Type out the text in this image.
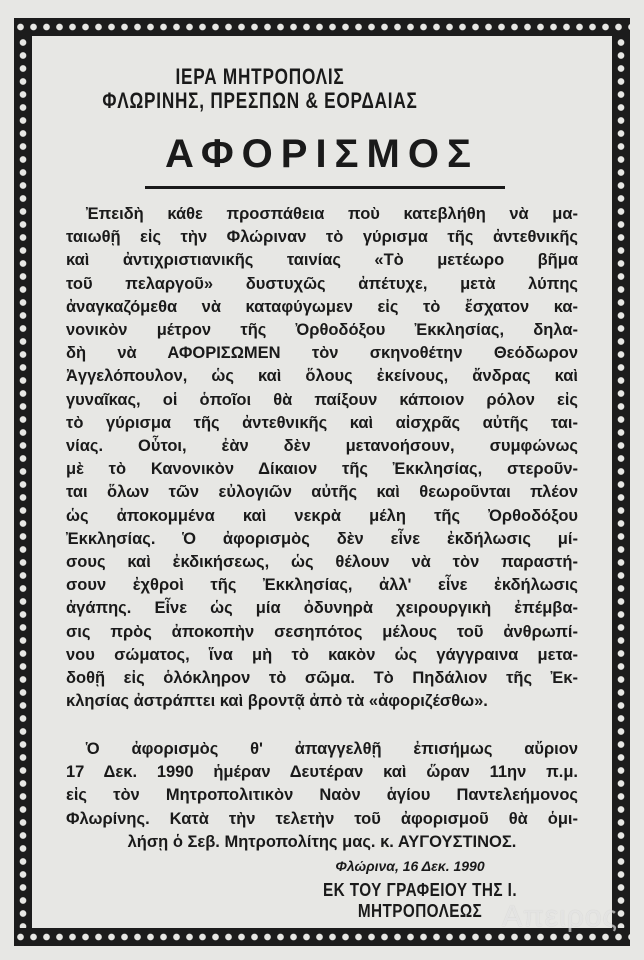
ΙΕΡΑ ΜΗΤΡΟΠΟΛΙΣ
ΦΛΩΡΙΝΗΣ, ΠΡΕΣΠΩΝ & ΕΟΡΔΑΙΑΣ
ΑΦΟΡΙΣΜΟΣ
Ἐπειδὴ κάθε προσπάθεια ποὺ κατεβλήθη νὰ μα-
ταιωθῇ εἰς τὴν Φλώριναν τὸ γύρισμα τῆς ἀντεθνικῆς
καὶ ἀντιχριστιανικῆς ταινίας «Τὸ μετέωρο βῆμα
τοῦ πελαργοῦ» δυστυχῶς ἀπέτυχε, μετὰ λύπης
ἀναγκαζόμεθα νὰ καταφύγωμεν εἰς τὸ ἔσχατον κα-
νονικὸν μέτρον τῆς Ὀρθοδόξου Ἐκκλησίας, δηλα-
δὴ νὰ ΑΦΟΡΙΣΩΜΕΝ τὸν σκηνοθέτην Θεόδωρον
Ἀγγελόπουλον, ὡς καὶ ὅλους ἐκείνους, ἄνδρας καὶ
γυναῖκας, οἱ ὁποῖοι θὰ παίξουν κάποιον ρόλον εἰς
τὸ γύρισμα τῆς ἀντεθνικῆς καὶ αἰσχρᾶς αὐτῆς ται-
νίας. Οὗτοι, ἐὰν δὲν μετανοήσουν, συμφώνως
μὲ τὸ Κανονικὸν Δίκαιον τῆς Ἐκκλησίας, στεροῦν-
ται ὅλων τῶν εὐλογιῶν αὐτῆς καὶ θεωροῦνται πλέον
ὡς ἀποκομμένα καὶ νεκρὰ μέλη τῆς Ὀρθοδόξου
Ἐκκλησίας. Ὁ ἀφορισμὸς δὲν εἶνε ἐκδήλωσις μί-
σους καὶ ἐκδικήσεως, ὡς θέλουν νὰ τὸν παραστή-
σουν ἐχθροὶ τῆς Ἐκκλησίας, ἀλλ' εἶνε ἐκδήλωσις
ἀγάπης. Εἶνε ὡς μία ὀδυνηρὰ χειρουργικὴ ἐπέμβα-
σις πρὸς ἀποκοπὴν σεσηπότος μέλους τοῦ ἀνθρωπί-
νου σώματος, ἵνα μὴ τὸ κακὸν ὡς γάγγραινα μετα-
δοθῇ εἰς ὁλόκληρον τὸ σῶμα. Τὸ Πηδάλιον τῆς Ἐκ-
κλησίας ἀστράπτει καὶ βροντᾷ ἀπὸ τὰ «ἀφοριζέσθω».
Ὁ ἀφορισμὸς θ' ἀπαγγελθῇ ἐπισήμως αὔριον
17 Δεκ. 1990 ἡμέραν Δευτέραν καὶ ὥραν 11ην π.μ.
εἰς τὸν Μητροπολιτικὸν Ναὸν ἁγίου Παντελεήμονος
Φλωρίνης. Κατὰ τὴν τελετὴν τοῦ ἀφορισμοῦ θὰ ὁμι-
λήσῃ ὁ Σεβ. Μητροπολίτης μας. κ. ΑΥΓΟΥΣΤΙΝΟΣ.
Φλώρινα, 16 Δεκ. 1990
ΕΚ ΤΟΥ ΓΡΑΦΕΙΟΥ ΤΗΣ Ι. ΜΗΤΡΟΠΟΛΕΩΣ Απειρος
